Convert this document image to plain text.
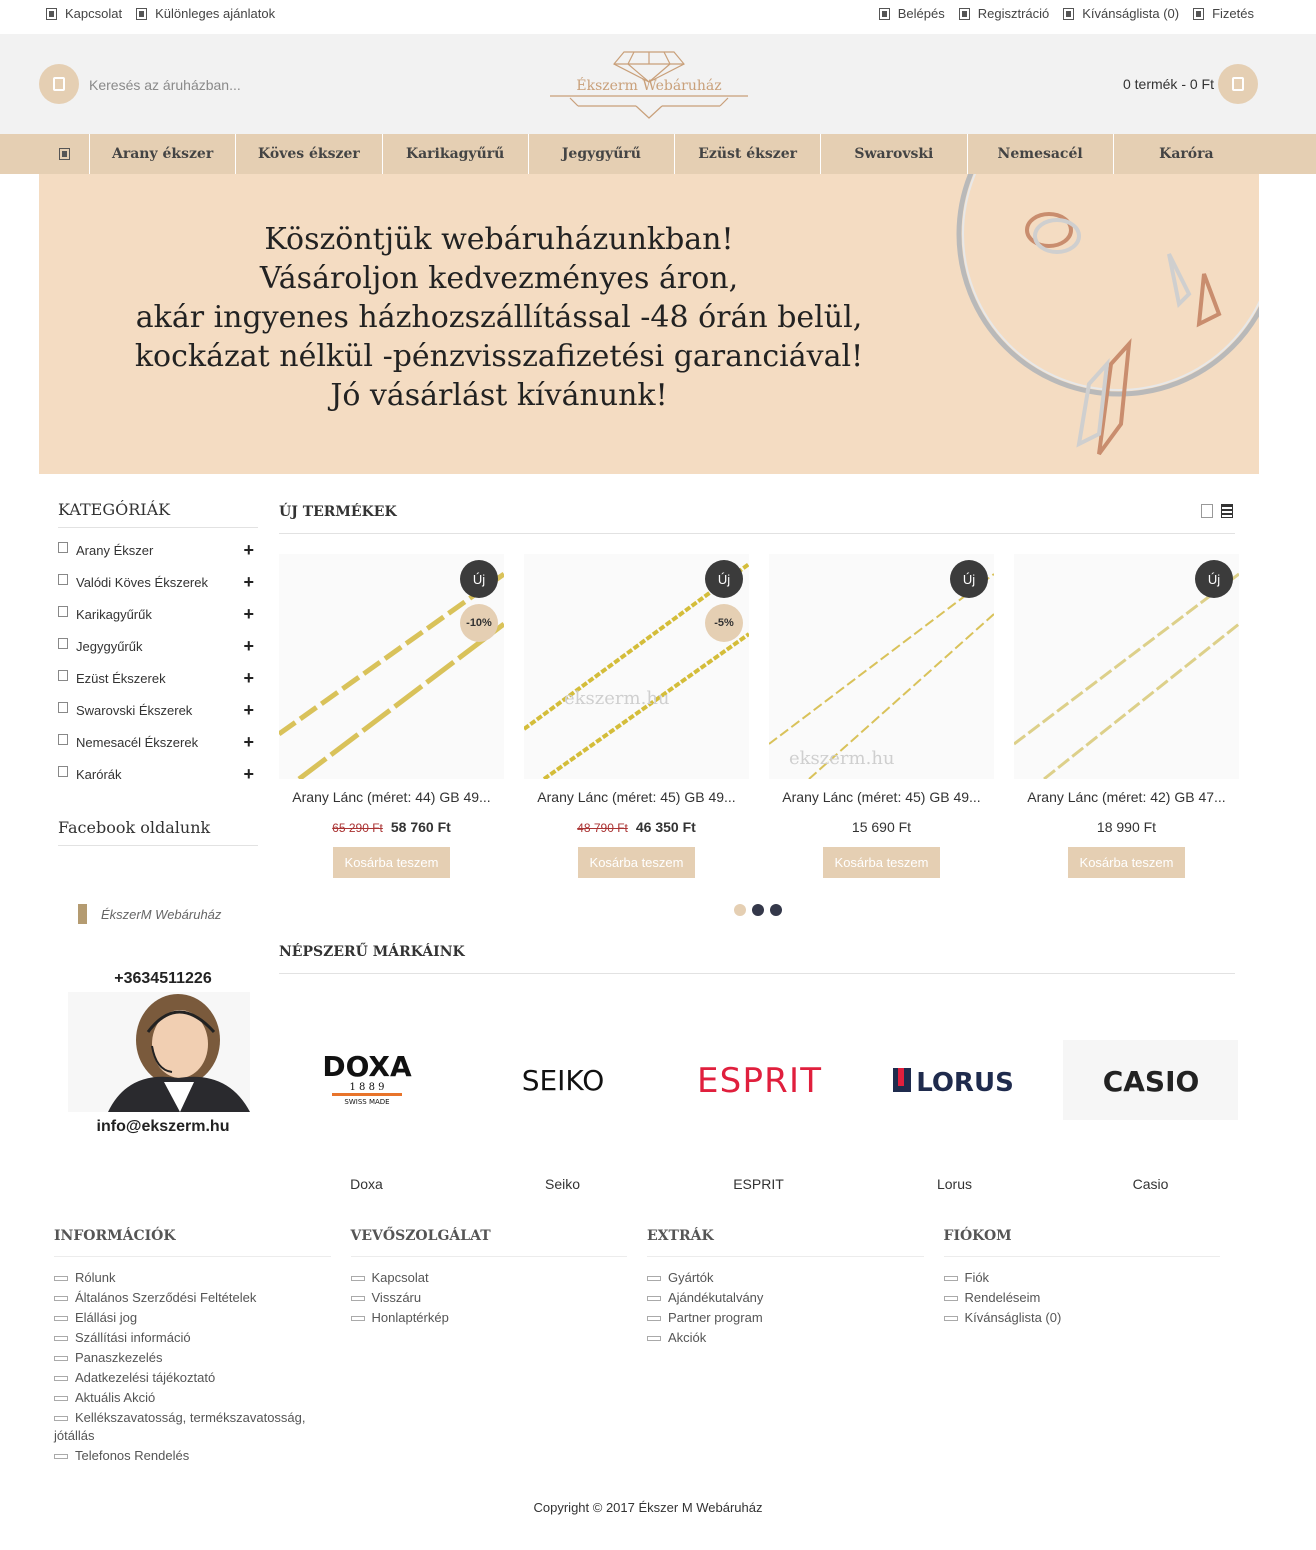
Kapcsolat	Különleges ajánlatok	Belépés	Regisztráció	Kívánságlista (0)	Fizetés
Keresés az áruházban...
Ékszerm Webáruház	0 termék - 0 Ft
Arany ékszer	Köves ékszer	Karikagyűrű	Jegygyűrű	Ezüst ékszer	Swarovski	Nemesacél	Karóra
Köszöntjük webáruházunkban!
Vásároljon kedvezményes áron,
akár ingyenes házhozszállítással -48 órán belül,
kockázat nélkül -pénzvisszafizetési garanciával!
Jó vásárlást kívánunk!
KATEGÓRIÁK
Arany Ékszer	+
Valódi Köves Ékszerek +
Karikagyűrűk	+
Jegygyűrűk	+
Ezüst Ékszerek	+
Swarovski Ékszerek	+
Nemesacél Ékszerek	+
Karórák	+
Facebook oldalunk
ÉkszerM Webáruház
+3634511226
info@ekszerm.hu
ÚJ TERMÉKEK
Új
-10%
Arany Lánc (méret: 44) GB 49...
65 290 Ft 58 760 Ft
Kosárba teszem
ekszerm.hu
Új
-5%
Arany Lánc (méret: 45) GB 49...
48 790 Ft 46 350 Ft
Kosárba teszem
ekszerm.hu
Új
Arany Lánc (méret: 45) GB 49...
15 690 Ft
Kosárba teszem
Új
Arany Lánc (méret: 42) GB 47...
18 990 Ft
Kosárba teszem
NÉPSZERŰ MÁRKÁINK
DOXA
1 8 8 9
SWISS MADE
SEIKO	ESPRIT	LORUS	CASIO
Doxa	Seiko	ESPRIT	Lorus	Casio
INFORMÁCIÓK
Rólunk
Általános Szerződési Feltételek
Elállási jog
Szállítási információ
Panaszkezelés
Adatkezelési tájékoztató
Aktuális Akció
Kellékszavatosság, termékszavatosság, jótállás
Telefonos Rendelés
VEVŐSZOLGÁLAT
Kapcsolat
Visszáru
Honlaptérkép
EXTRÁK
Gyártók
Ajándékutalvány
Partner program
Akciók
FIÓKOM
Fiók
Rendeléseim
Kívánságlista (0)
Copyright © 2017 Ékszer M Webáruház
